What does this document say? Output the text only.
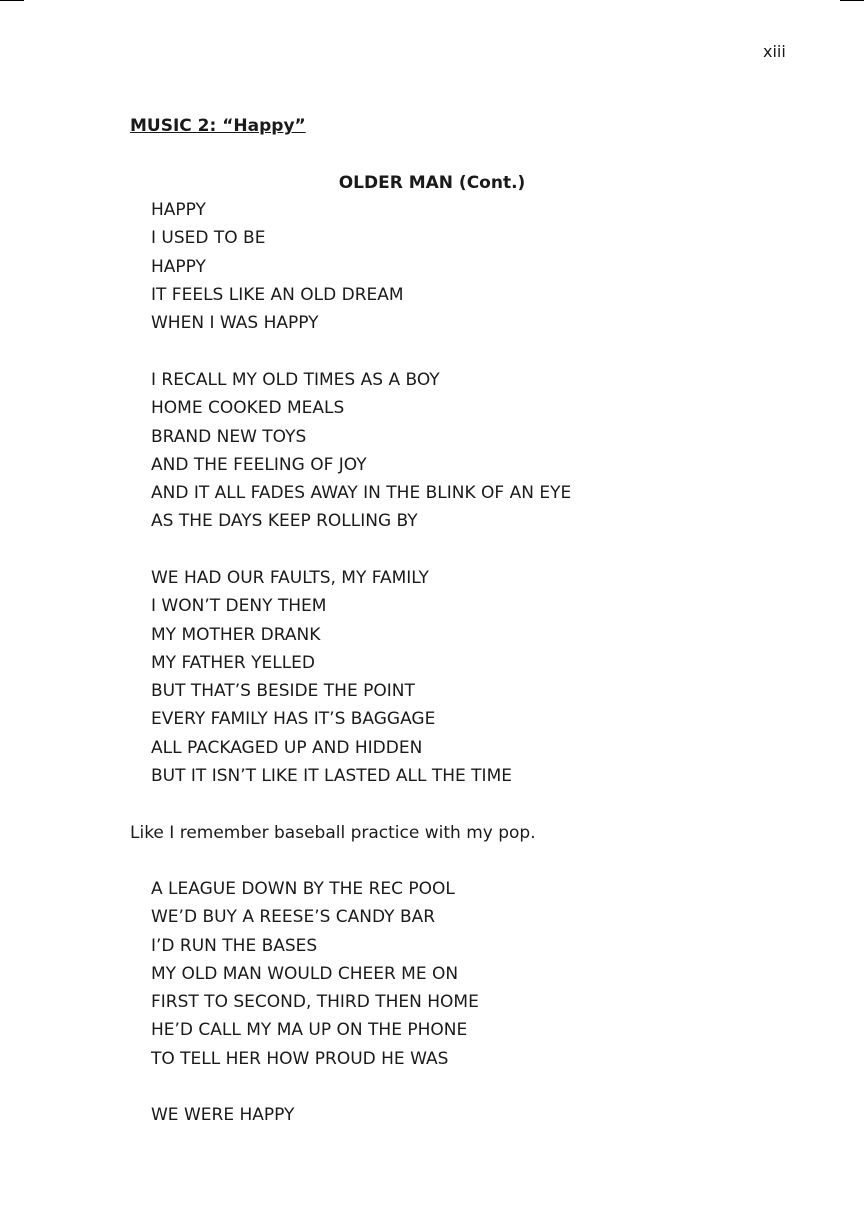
xiii
MUSIC 2: “Happy”
OLDER MAN (Cont.)
HAPPY
I USED TO BE
HAPPY
IT FEELS LIKE AN OLD DREAM
WHEN I WAS HAPPY
I RECALL MY OLD TIMES AS A BOY
HOME COOKED MEALS
BRAND NEW TOYS
AND THE FEELING OF JOY
AND IT ALL FADES AWAY IN THE BLINK OF AN EYE
AS THE DAYS KEEP ROLLING BY
WE HAD OUR FAULTS, MY FAMILY
I WON’T DENY THEM
MY MOTHER DRANK
MY FATHER YELLED
BUT THAT’S BESIDE THE POINT
EVERY FAMILY HAS IT’S BAGGAGE
ALL PACKAGED UP AND HIDDEN
BUT IT ISN’T LIKE IT LASTED ALL THE TIME
Like I remember baseball practice with my pop.
A LEAGUE DOWN BY THE REC POOL
WE’D BUY A REESE’S CANDY BAR
I’D RUN THE BASES
MY OLD MAN WOULD CHEER ME ON
FIRST TO SECOND, THIRD THEN HOME
HE’D CALL MY MA UP ON THE PHONE
TO TELL HER HOW PROUD HE WAS
WE WERE HAPPY
